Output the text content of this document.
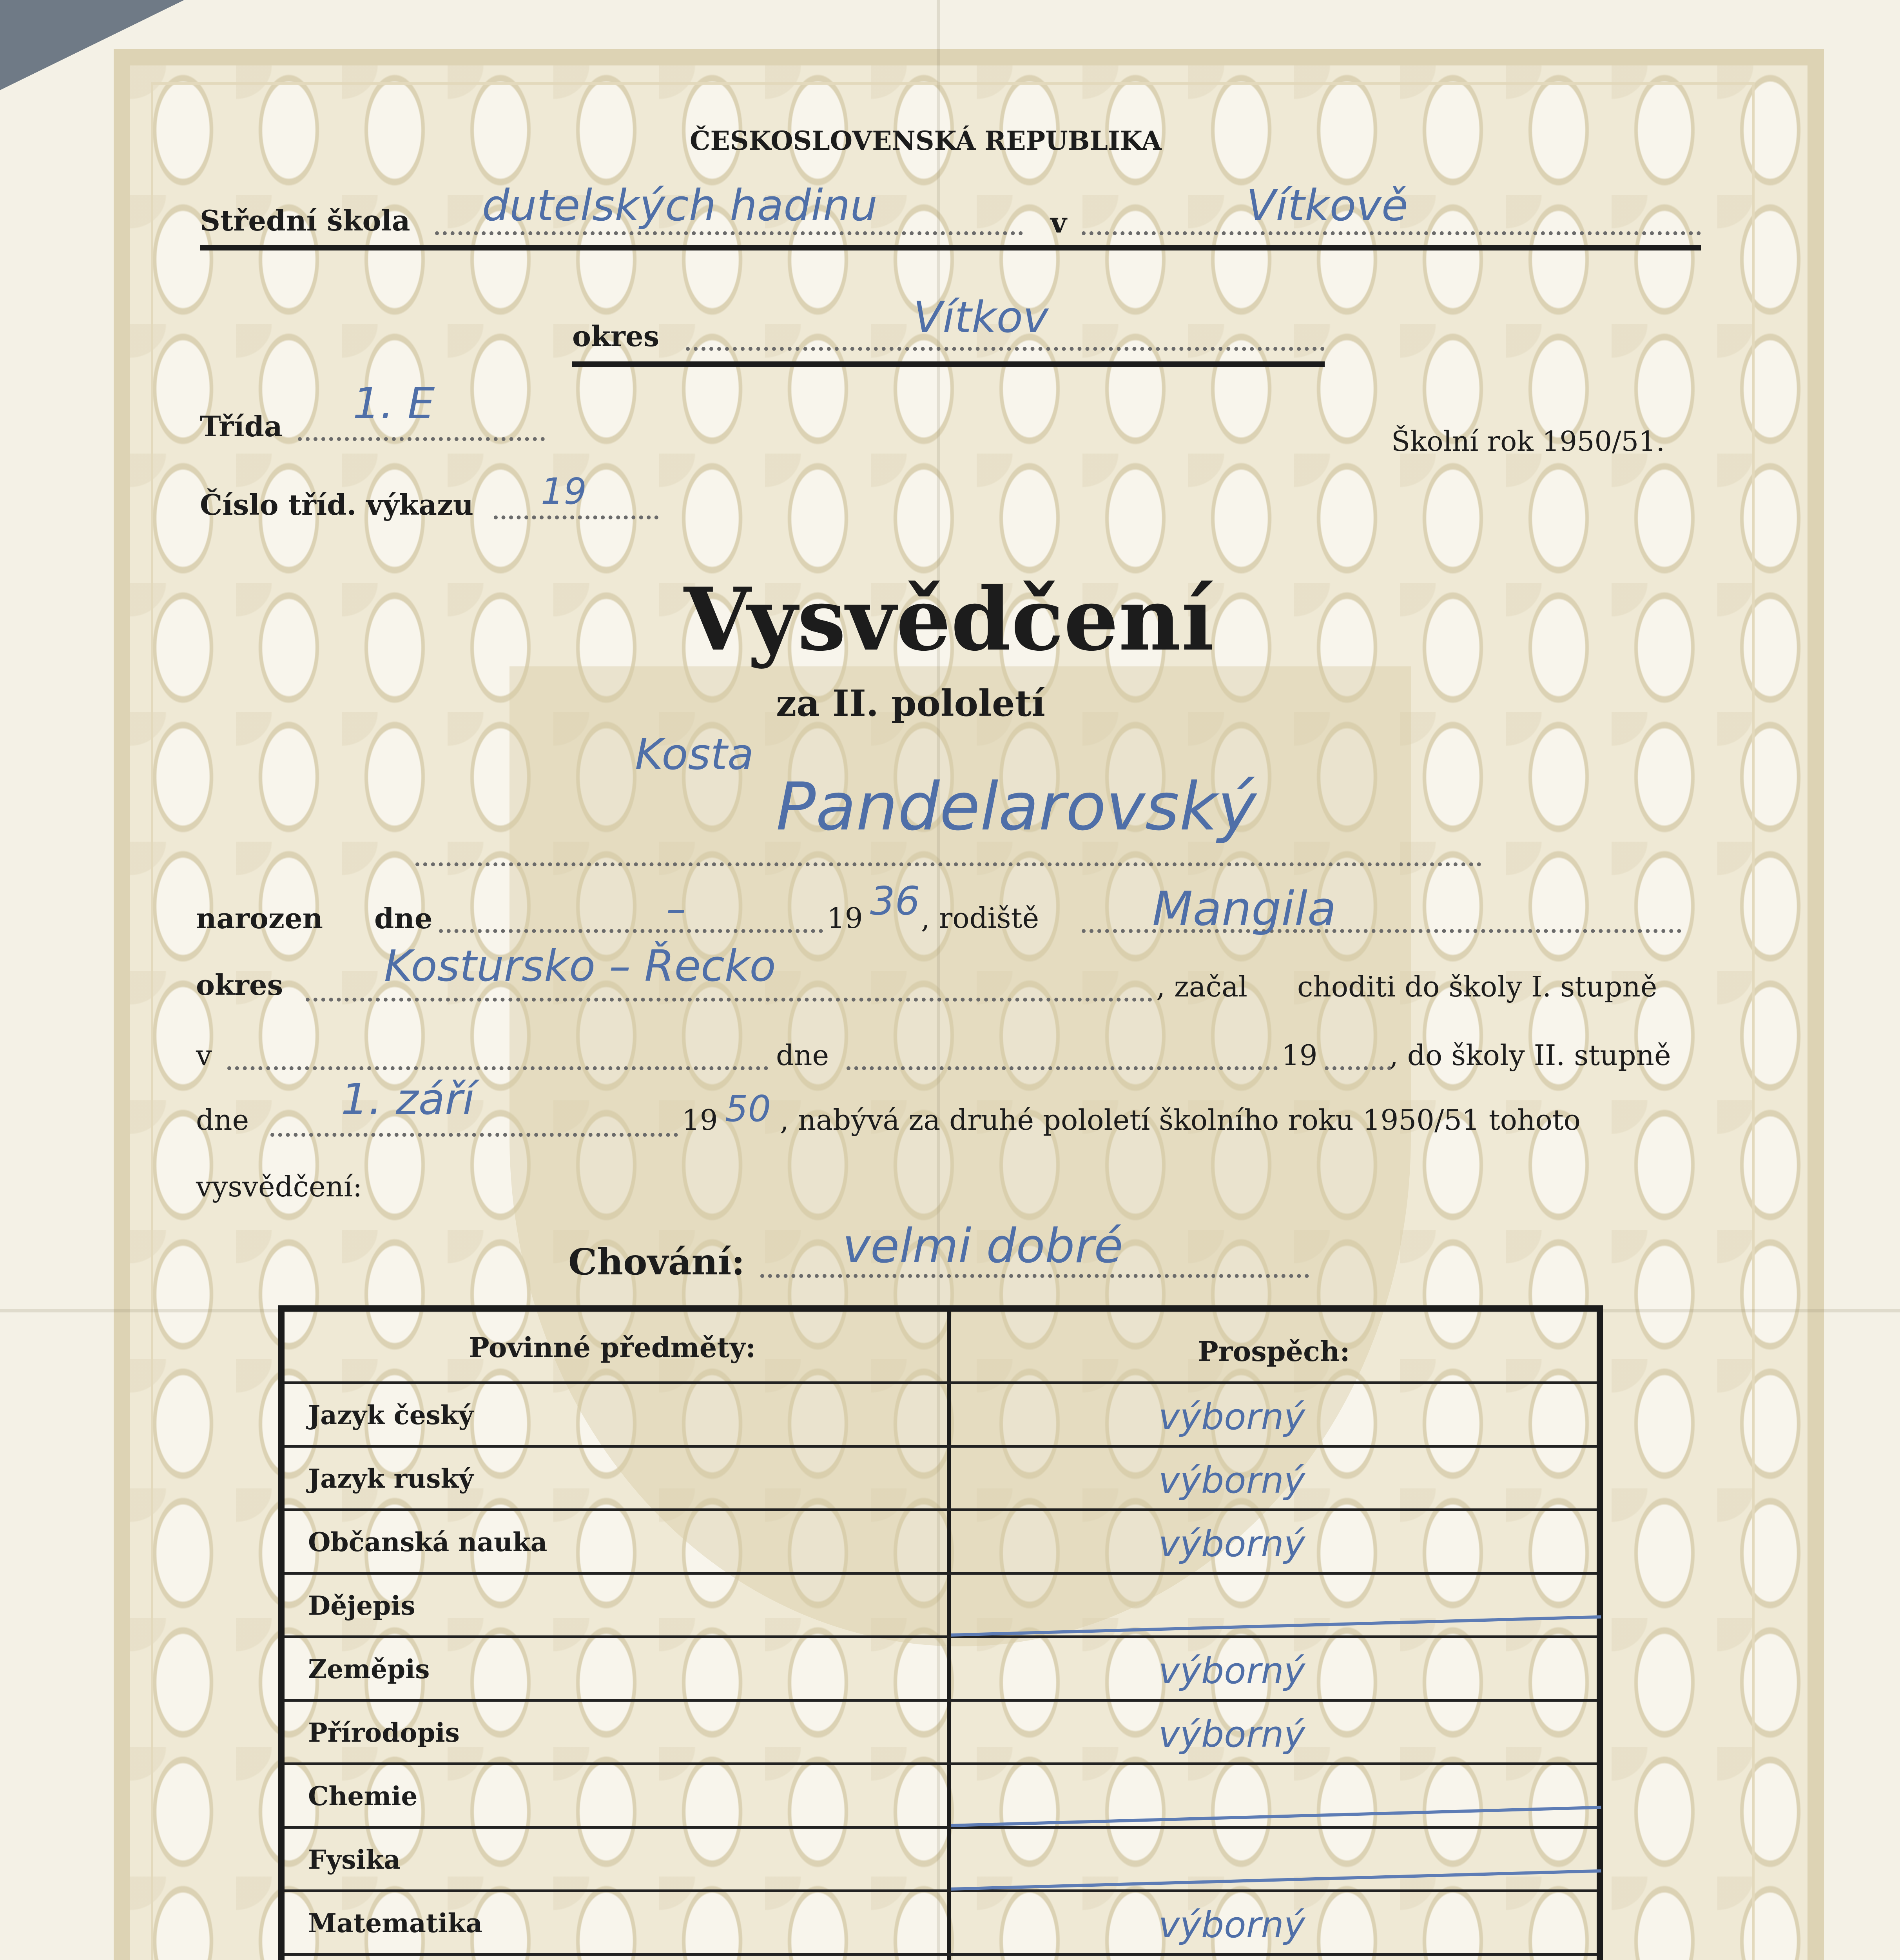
ČESKOSLOVENSKÁ REPUBLIKA
Střední škola dutelských hadinu	v	Vítkově
okres	Vítkov
Třída 1. E
Školní rok 1950/51.
Číslo tříd. výkazu 19
Vysvědčení
za II. pololetí
Kosta
Pandelarovský
narozen dne	–	19 36 , rodiště Mangila
okres Kostursko – Řecko	, začal choditi do školy I. stupně
v	dne	19	, do školy II. stupně
dne 1. září	19 50 , nabývá za druhé pololetí školního roku 1950/51 tohoto
vysvědčení:
Chování: velmi dobré
Povinné předměty:	Prospěch:
Jazyk český	výborný
Jazyk ruský	výborný
Občanská nauka	výborný
Dějepis
Zeměpis	výborný
Přírodopis	výborný
Chemie
Fysika
Matematika	výborný
